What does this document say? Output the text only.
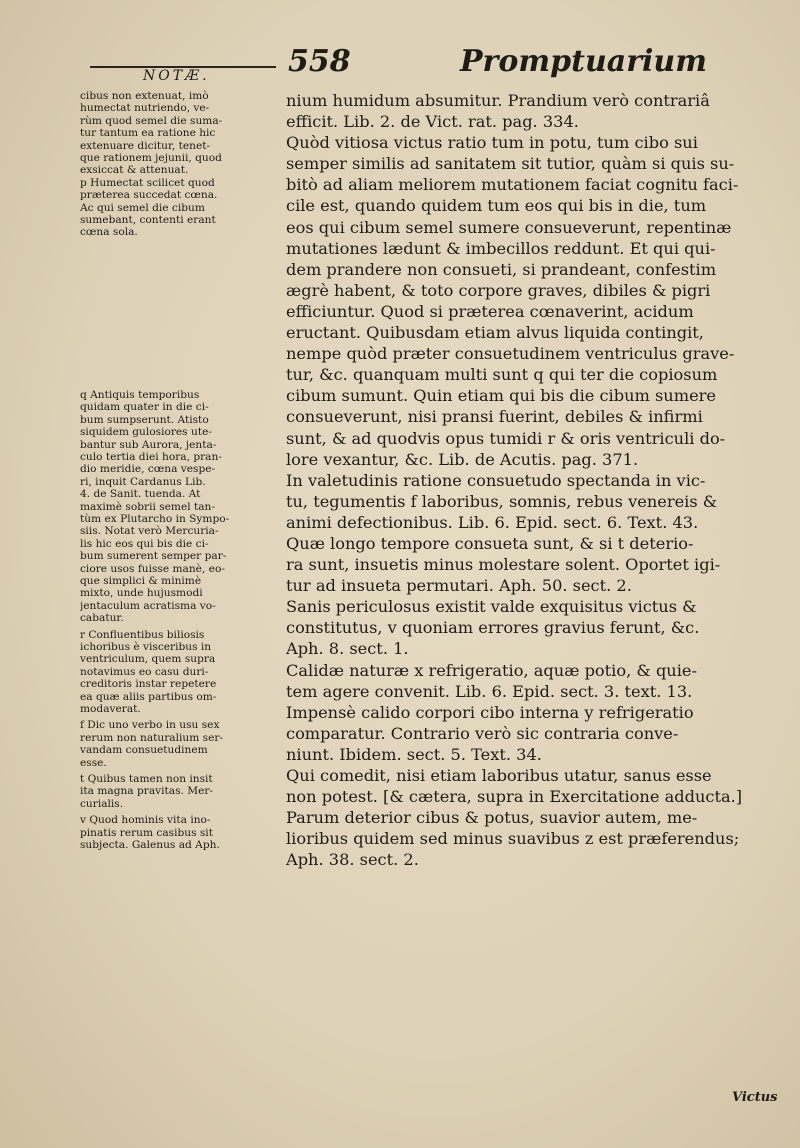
NOTÆ.	558	Promptuarium
cibus non extenuat, imò
humectat nutriendo, ve-
rùm quod semel die suma-
tur tantum ea ratione hic
extenuare dicitur, tenet-
que rationem jejunii, quod
exsiccat & attenuat.
p Humectat scilicet quod
præterea succedat cœna.
Ac qui semel die cibum
sumebant, contenti erant
cœna sola.
q Antiquis temporibus
quidam quater in die ci-
bum sumpserunt. Atisto
siquidem gulosiores ute-
bantur sub Aurora, jenta-
culo tertia diei hora, pran-
dio meridie, cœna vespe-
ri, inquit Cardanus Lib.
4. de Sanit. tuenda. At
maximè sobrii semel tan-
tùm ex Plutarcho in Sympo-
siis. Notat verò Mercuria-
lis hic eos qui bis die ci-
bum sumerent semper par-
ciore usos fuisse manè, eo-
que simplici & minimè
mixto, unde hujusmodi
jentaculum acratisma vo-
cabatur.
r Confluentibus biliosis
ichoribus è visceribus in
ventriculum, quem supra
notavimus eo casu duri-
creditoris instar repetere
ea quæ aliis partibus om-
modaverat.
f Dic uno verbo in usu sex
rerum non naturalium ser-
vandam consuetudinem
esse.
t Quibus tamen non insit
ita magna pravitas. Mer-
curialis.
v Quod hominis vita ino-
pinatis rerum casibus sit
subjecta. Galenus ad Aph.
nium humidum absumitur. Prandium verò contrariâ
efficit. Lib. 2. de Vict. rat. pag. 334.
Quòd vitiosa victus ratio tum in potu, tum cibo sui
semper similis ad sanitatem sit tutior, quàm si quis su-
bitò ad aliam meliorem mutationem faciat cognitu faci-
cile est, quando quidem tum eos qui bis in die, tum
eos qui cibum semel sumere consueverunt, repentinæ
mutationes lædunt & imbecillos reddunt. Et qui qui-
dem prandere non consueti, si prandeant, confestim
ægrè habent, & toto corpore graves, dibiles & pigri
efficiuntur. Quod si præterea cœnaverint, acidum
eructant. Quibusdam etiam alvus liquida contingit,
nempe quòd præter consuetudinem ventriculus grave-
tur, &c. quanquam multi sunt q qui ter die copiosum
cibum sumunt. Quin etiam qui bis die cibum sumere
consueverunt, nisi pransi fuerint, debiles & infirmi
sunt, & ad quodvis opus tumidi r & oris ventriculi do-
lore vexantur, &c. Lib. de Acutis. pag. 371.
In valetudinis ratione consuetudo spectanda in vic-
tu, tegumentis f laboribus, somnis, rebus venereis &
animi defectionibus. Lib. 6. Epid. sect. 6. Text. 43.
Quæ longo tempore consueta sunt, & si t deterio-
ra sunt, insuetis minus molestare solent. Oportet igi-
tur ad insueta permutari. Aph. 50. sect. 2.
Sanis periculosus existit valde exquisitus victus &
constitutus, v quoniam errores gravius ferunt, &c.
Aph. 8. sect. 1.
Calidæ naturæ x refrigeratio, aquæ potio, & quie-
tem agere convenit. Lib. 6. Epid. sect. 3. text. 13.
Impensè calido corpori cibo interna y refrigeratio
comparatur. Contrario verò sic contraria conve-
niunt. Ibidem. sect. 5. Text. 34.
Qui comedit, nisi etiam laboribus utatur, sanus esse
non potest. [& cætera, supra in Exercitatione adducta.]
Parum deterior cibus & potus, suavior autem, me-
lioribus quidem sed minus suavibus z est præferendus;
Aph. 38. sect. 2.
Victus
